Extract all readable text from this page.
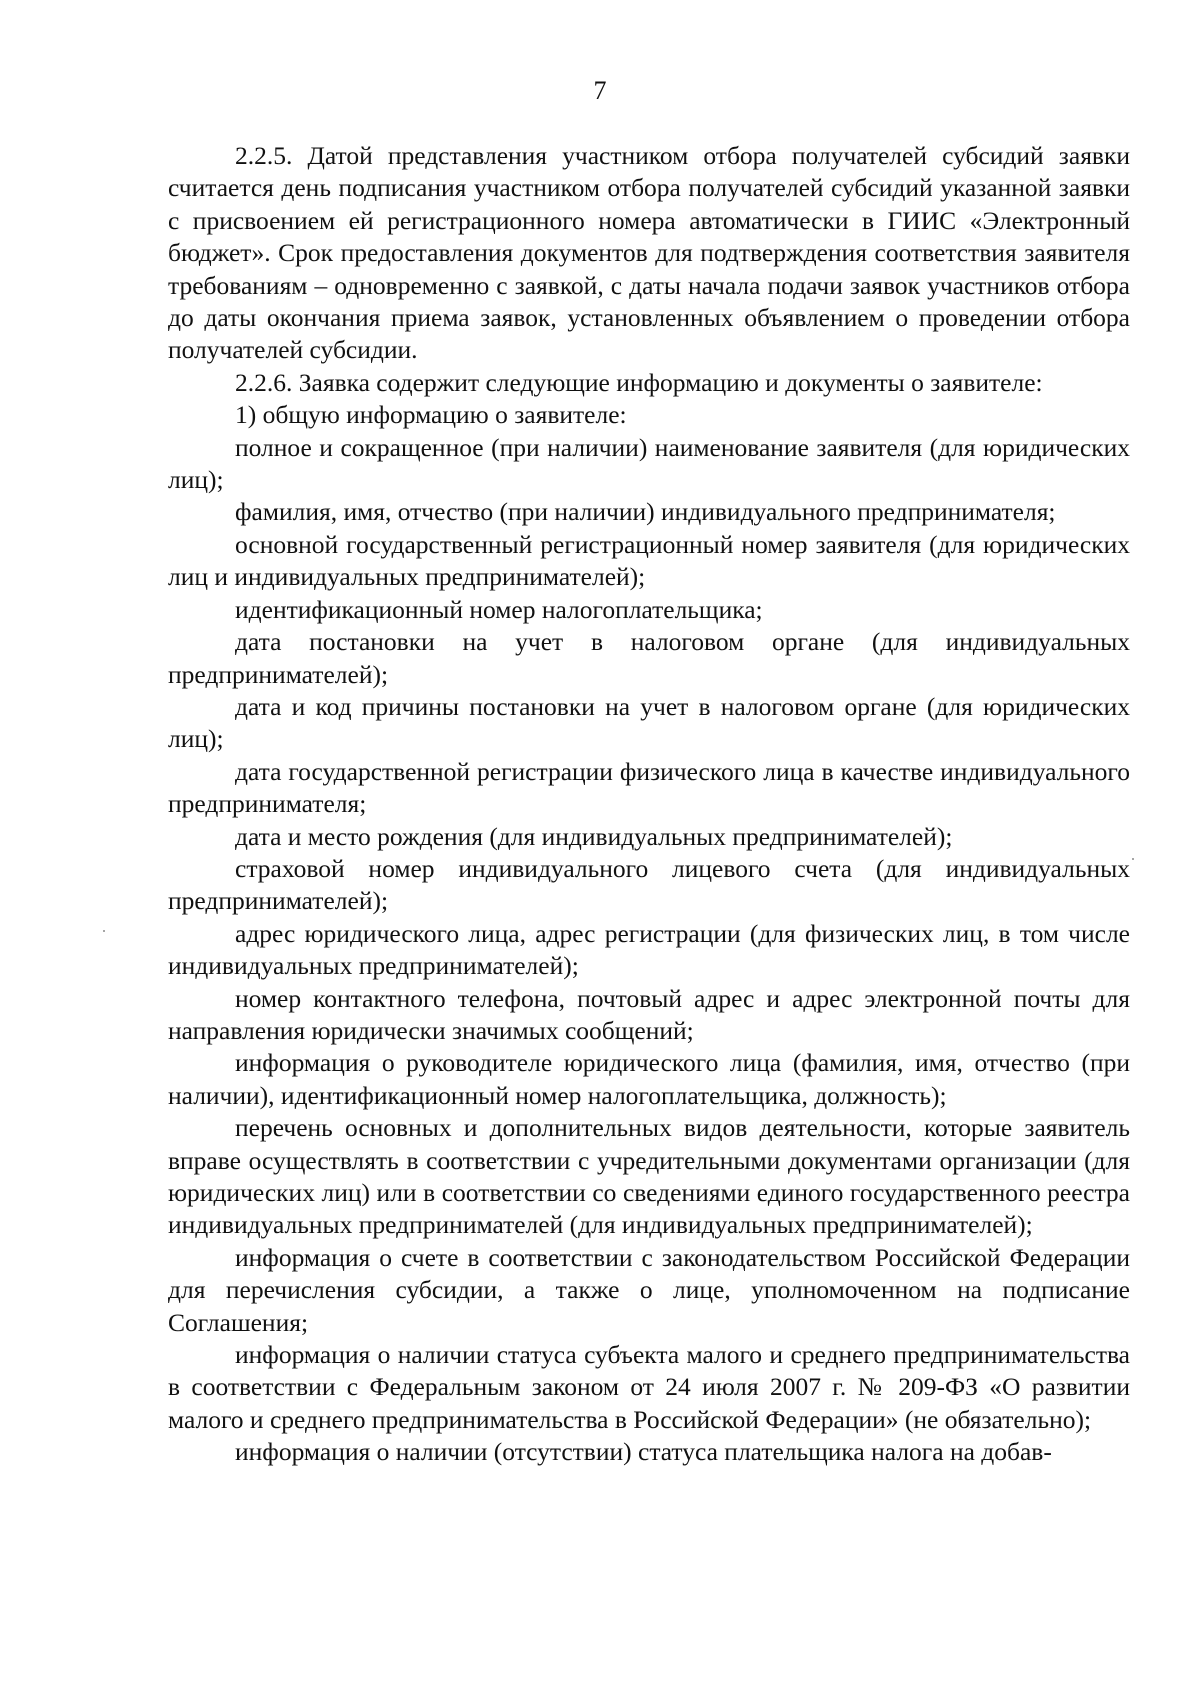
7

2.2.5. Датой представления участником отбора получателей субсидий заявки считается день подписания участником отбора получателей субсидий указанной заявки с присвоением ей регистрационного номера автоматически в ГИИС «Электронный бюджет». Срок предоставления документов для подтверждения соответствия заявителя требованиям – одновременно с заявкой, с даты начала подачи заявок участников отбора до даты окончания приема заявок, установленных объявлением о проведении отбора получателей субсидии.

2.2.6. Заявка содержит следующие информацию и документы о заявителе:

1) общую информацию о заявителе:

полное и сокращенное (при наличии) наименование заявителя (для юридических лиц);

фамилия, имя, отчество (при наличии) индивидуального предпринимателя;

основной государственный регистрационный номер заявителя (для юридических лиц и индивидуальных предпринимателей);

идентификационный номер налогоплательщика;

дата постановки на учет в налоговом органе (для индивидуальных предпринимателей);

дата и код причины постановки на учет в налоговом органе (для юридических лиц);

дата государственной регистрации физического лица в качестве индивидуального предпринимателя;

дата и место рождения (для индивидуальных предпринимателей);

страховой номер индивидуального лицевого счета (для индивидуальных предпринимателей);

адрес юридического лица, адрес регистрации (для физических лиц, в том числе индивидуальных предпринимателей);

номер контактного телефона, почтовый адрес и адрес электронной почты для направления юридически значимых сообщений;

информация о руководителе юридического лица (фамилия, имя, отчество (при наличии), идентификационный номер налогоплательщика, должность);

перечень основных и дополнительных видов деятельности, которые заявитель вправе осуществлять в соответствии с учредительными документами организации (для юридических лиц) или в соответствии со сведениями единого государственного реестра индивидуальных предпринимателей (для индивидуальных предпринимателей);

информация о счете в соответствии с законодательством Российской Федерации для перечисления субсидии, а также о лице, уполномоченном на подписание Соглашения;

информация о наличии статуса субъекта малого и среднего предпринимательства в соответствии с Федеральным законом от 24 июля 2007 г. № 209-ФЗ «О развитии малого и среднего предпринимательства в Российской Федерации» (не обязательно);

информация о наличии (отсутствии) статуса плательщика налога на добав-
